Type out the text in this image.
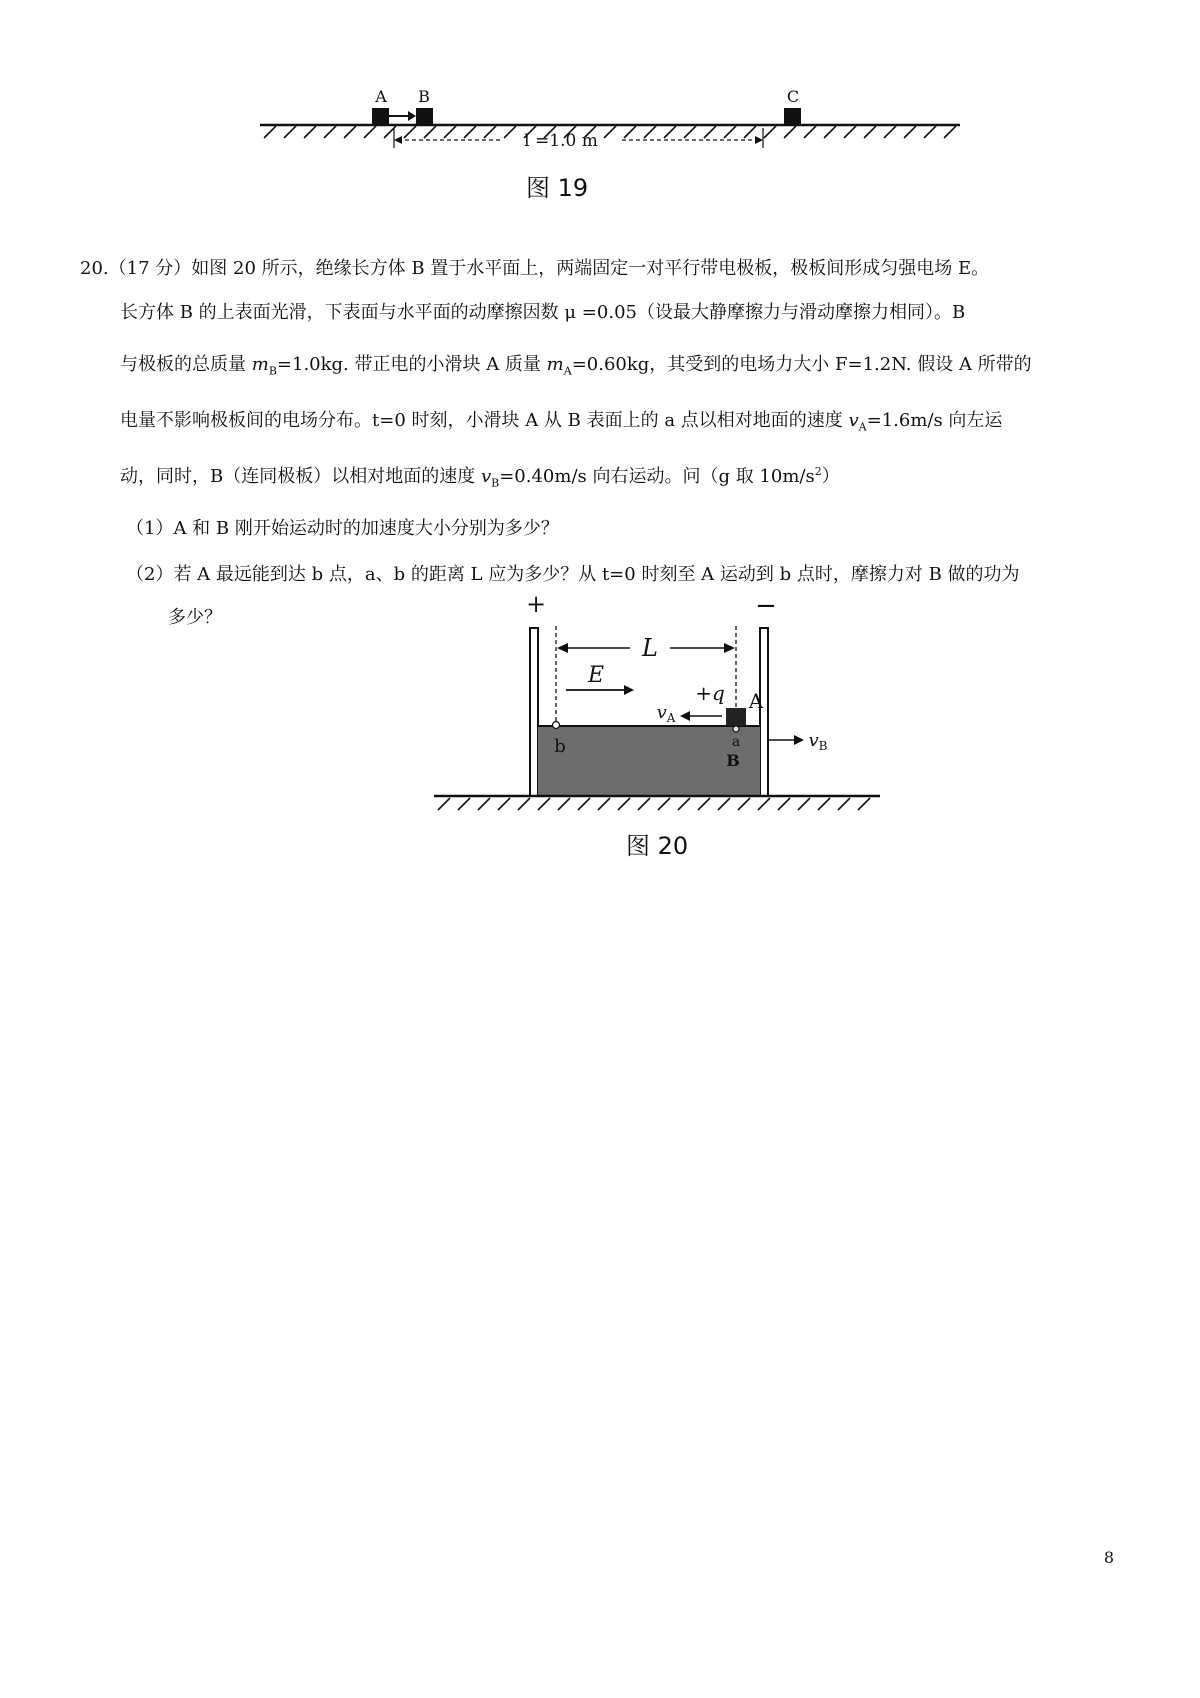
A B	C
l =1.0 m
图 19
20.（17 分）如图 20 所示，绝缘长方体 B 置于水平面上，两端固定一对平行带电极板，极板间形成匀强电场 E。
长方体 B 的上表面光滑，下表面与水平面的动摩擦因数 μ =0.05（设最大静摩擦力与滑动摩擦力相同）。B
与极板的总质量 $m_B=1.0kg$. 带正电的小滑块 A 质量 $m_A=0.60kg$，其受到的电场力大小 F=1.2N. 假设 A 所带的
电量不影响极板间的电场分布。t=0 时刻，小滑块 A 从 B 表面上的 a 点以相对地面的速度 $v_A=1.6m/s$ 向左运
动，同时，B（连同极板）以相对地面的速度 $v_B=0.40m/s$ 向右运动。问（g 取 $10m/s^2$）
（1）A 和 B 刚开始运动时的加速度大小分别为多少？
（2）若 A 最远能到达 b 点，a、b 的距离 L 应为多少？从 t=0 时刻至 A 运动到 b 点时，摩擦力对 B 做的功为
多少？	+	−
L
E
+q A
$v_A$
b	a
B
$v_B$
图 20
8
